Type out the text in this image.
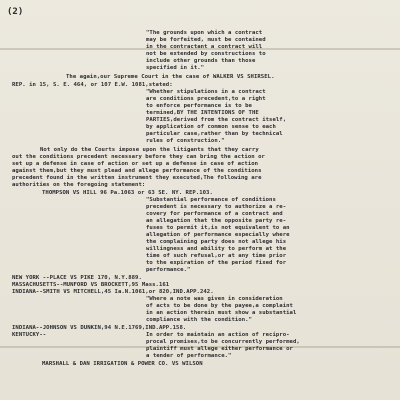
(2)
"The grounds upon which a contract
may be forfeited, must be contained
in the contractant a contract will
not be extended by constructions to
include other grounds than those
specified in it."
The again,our Supreme Court in the case of WALKER VS SHIRSEL.
REP. in 15, S. E. 464, or 107 E.W. 1081,stated:
"Whether stipulations in a contract
are conditions precedent,to a right
to enforce performance is to be
termined,BY THE INTENTIONS OF THE
PARTIES,derived from the contract itself,
by application of common sense to each
particular case,rather than by technical
rules of construction."
Not only do the Courts impose upon the litigants that they carry
out the conditions precedent necessary before they can bring the action or
set up a defense in case of action or set up a defense in case of action
against them,but they must plead and allege performance of the conditions
precedent found in the written instrument they executed,The following are
authorities on the foregoing statement:
THOMPSON VS HILL 96 Pa.1063 or 63 SE. NY. REP.103.
"Substantial performance of conditions
precedent is necessary to authorize a re-
covery for performance of a contract and
an allegation that the opposite party re-
fuses to permit it,is not equivalent to an
allegation of performance especially where
the complaining party does not allege his
willingness and ability to perform at the
time of such refusal,or at any time prior
to the expiration of the period fixed for
performance."
NEW YORK --PLACE VS PIKE 170, N.Y.889.
MASSACHUSETTS--MUNFORD VS BROCKETT,95 Mass.161
INDIANA--SMITH VS MITCHELL,45 Ia.N.1061,or 820,IND.APP.242.
"Where a note was given in consideration
of acts to be done by the payee,a complaint
in an action therein must show a substantial
compliance with the condition."
INDIANA--JOHNSON VS DUNKIN,94 N.E.1769,IND.APP.158.
KENTUCKY--	In order to maintain an action of recipro-
procal promises,to be concurrently performed,
plaintiff must allege either performance or
a tender of performance."
MARSHALL & DAN IRRIGATION & POWER CO. VS WILSON
